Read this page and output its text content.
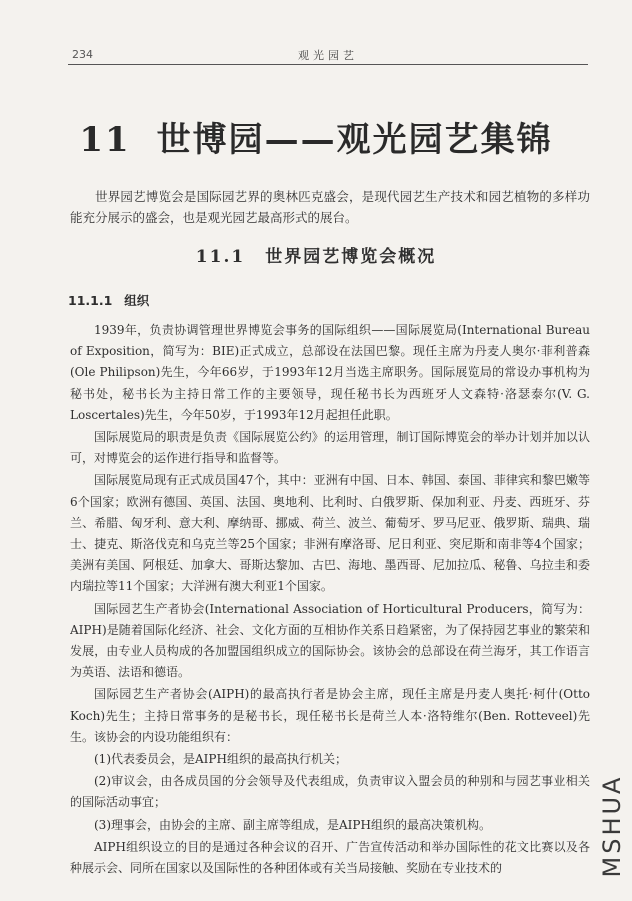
234	观光园艺
11 世博园——观光园艺集锦

世界园艺博览会是国际园艺界的奥林匹克盛会，是现代园艺生产技术和园艺植物的多样功能充分展示的盛会，也是观光园艺最高形式的展台。

11.1 世界园艺博览会概况
11.1.1 组织

1939年，负责协调管理世界博览会事务的国际组织——国际展览局(International Bureau of Exposition，简写为：BIE)正式成立，总部设在法国巴黎。现任主席为丹麦人奥尔·菲利普森(Ole Philipson)先生，今年66岁，于1993年12月当选主席职务。国际展览局的常设办事机构为秘书处，秘书长为主持日常工作的主要领导，现任秘书长为西班牙人文森特·洛瑟泰尔(V. G. Loscertales)先生，今年50岁，于1993年12月起担任此职。

国际展览局的职责是负责《国际展览公约》的运用管理，制订国际博览会的举办计划并加以认可，对博览会的运作进行指导和监督等。

国际展览局现有正式成员国47个，其中：亚洲有中国、日本、韩国、泰国、菲律宾和黎巴嫩等6个国家；欧洲有德国、英国、法国、奥地利、比利时、白俄罗斯、保加利亚、丹麦、西班牙、芬兰、希腊、匈牙利、意大利、摩纳哥、挪威、荷兰、波兰、葡萄牙、罗马尼亚、俄罗斯、瑞典、瑞士、捷克、斯洛伐克和乌克兰等25个国家；非洲有摩洛哥、尼日利亚、突尼斯和南非等4个国家；美洲有美国、阿根廷、加拿大、哥斯达黎加、古巴、海地、墨西哥、尼加拉瓜、秘鲁、乌拉圭和委内瑞拉等11个国家；大洋洲有澳大利亚1个国家。

国际园艺生产者协会(International Association of Horticultural Producers，简写为：AIPH)是随着国际化经济、社会、文化方面的互相协作关系日趋紧密，为了保持园艺事业的繁荣和发展，由专业人员构成的各加盟国组织成立的国际协会。该协会的总部设在荷兰海牙，其工作语言为英语、法语和德语。

国际园艺生产者协会(AIPH)的最高执行者是协会主席，现任主席是丹麦人奥托·柯什(Otto Koch)先生；主持日常事务的是秘书长，现任秘书长是荷兰人本·洛特维尔(Ben. Rotteveel)先生。该协会的内设功能组织有：

(1)代表委员会，是AIPH组织的最高执行机关；

(2)审议会，由各成员国的分会领导及代表组成，负责审议入盟会员的种别和与园艺事业相关的国际活动事宜；

(3)理事会，由协会的主席、副主席等组成，是AIPH组织的最高决策机构。

AIPH组织设立的目的是通过各种会议的召开、广告宣传活动和举办国际性的花文比赛以及各种展示会、同所在国家以及国际性的各种团体或有关当局接触、奖励在专业技术的	MSHUA
